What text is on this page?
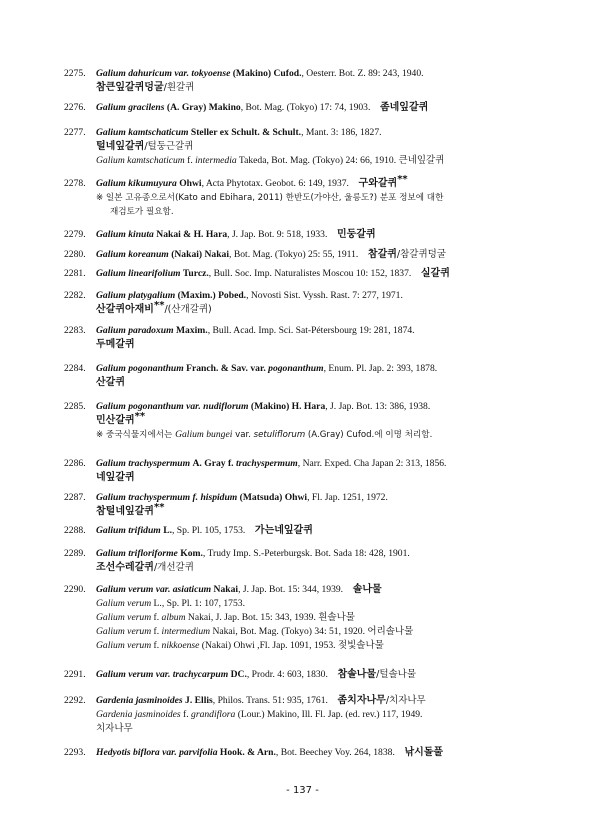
2275. Galium dahuricum var. tokyoense (Makino) Cufod., Oesterr. Bot. Z. 89: 243, 1940.
참큰잎갈퀴덩굴/흰갈퀴
2276. Galium gracilens (A. Gray) Makino, Bot. Mag. (Tokyo) 17: 74, 1903. 좀네잎갈퀴
2277. Galium kamtschaticum Steller ex Schult. & Schult., Mant. 3: 186, 1827.
털네잎갈퀴/털둥근갈퀴
Galium kamtschaticum f. intermedia Takeda, Bot. Mag. (Tokyo) 24: 66, 1910. 큰네잎갈퀴
2278. Galium kikumuyura Ohwi, Acta Phytotax. Geobot. 6: 149, 1937. 구와갈퀴**
※ 일본 고유종으로서(Kato and Ebihara, 2011) 한반도(가야산, 울릉도?) 분포 정보에 대한
재검토가 필요함.
2279. Galium kinuta Nakai & H. Hara, J. Jap. Bot. 9: 518, 1933. 민둥갈퀴
2280. Galium koreanum (Nakai) Nakai, Bot. Mag. (Tokyo) 25: 55, 1911. 참갈퀴/참갈퀴덩굴
2281. Galium linearifolium Turcz., Bull. Soc. Imp. Naturalistes Moscou 10: 152, 1837. 실갈퀴
2282. Galium platygalium (Maxim.) Pobed., Novosti Sist. Vyssh. Rast. 7: 277, 1971.
산갈퀴아재비**/(산개갈퀴)
2283. Galium paradoxum Maxim., Bull. Acad. Imp. Sci. Sat-Pétersbourg 19: 281, 1874.
두메갈퀴
2284. Galium pogonanthum Franch. & Sav. var. pogonanthum, Enum. Pl. Jap. 2: 393, 1878.
산갈퀴
2285. Galium pogonanthum var. nudiflorum (Makino) H. Hara, J. Jap. Bot. 13: 386, 1938.
민산갈퀴**
※ 중국식물지에서는 Galium bungei var. setuliflorum (A.Gray) Cufod.에 이명 처리함.
2286. Galium trachyspermum A. Gray f. trachyspermum, Narr. Exped. Cha Japan 2: 313, 1856.
네잎갈퀴
2287. Galium trachyspermum f. hispidum (Matsuda) Ohwi, Fl. Jap. 1251, 1972.
참털네잎갈퀴**
2288. Galium trifidum L., Sp. Pl. 105, 1753. 가는네잎갈퀴
2289. Galium trifloriforme Kom., Trudy Imp. S.-Peterburgsk. Bot. Sada 18: 428, 1901.
조선수레갈퀴/개선갈퀴
2290. Galium verum var. asiaticum Nakai, J. Jap. Bot. 15: 344, 1939. 솔나물
Galium verum L., Sp. Pl. 1: 107, 1753.
Galium verum f. album Nakai, J. Jap. Bot. 15: 343, 1939. 흰솔나물
Galium verum f. intermedium Nakai, Bot. Mag. (Tokyo) 34: 51, 1920. 어리솔나물
Galium verum f. nikkoense (Nakai) Ohwi ,Fl. Jap. 1091, 1953. 젖빛솔나물
2291. Galium verum var. trachycarpum DC., Prodr. 4: 603, 1830. 참솔나물/털솔나물
2292. Gardenia jasminoides J. Ellis, Philos. Trans. 51: 935, 1761. 좀치자나무/치자나무
Gardenia jasminoides f. grandiflora (Lour.) Makino, Ill. Fl. Jap. (ed. rev.) 117, 1949.
치자나무
2293. Hedyotis biflora var. parvifolia Hook. & Arn., Bot. Beechey Voy. 264, 1838. 낚시돌풀
- 137 -
